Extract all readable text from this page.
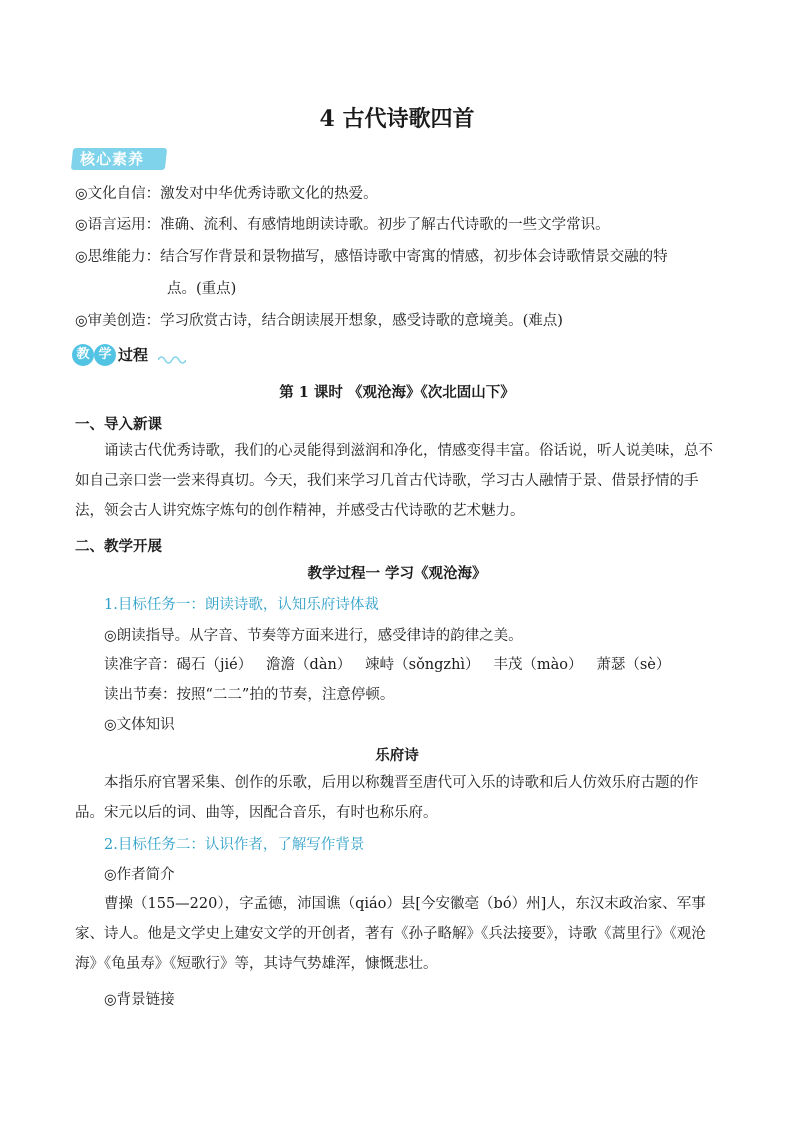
4 古代诗歌四首
核心素养
◎文化自信：激发对中华优秀诗歌文化的热爱。
◎语言运用：准确、流利、有感情地朗读诗歌。初步了解古代诗歌的一些文学常识。
◎思维能力：结合写作背景和景物描写，感悟诗歌中寄寓的情感，初步体会诗歌情景交融的特
点。(重点)
◎审美创造：学习欣赏古诗，结合朗读展开想象，感受诗歌的意境美。(难点)
教 学 过程
第 1 课时 《观沧海》《次北固山下》
一、导入新课

诵读古代优秀诗歌，我们的心灵能得到滋润和净化，情感变得丰富。俗话说，听人说美味，总不如自己亲口尝一尝来得真切。今天，我们来学习几首古代诗歌，学习古人融情于景、借景抒情的手法，领会古人讲究炼字炼句的创作精神，并感受古代诗歌的艺术魅力。

二、教学开展
教学过程一 学习《观沧海》
1.目标任务一：朗读诗歌，认知乐府诗体裁
◎朗读指导。从字音、节奏等方面来进行，感受律诗的韵律之美。
读准字音：碣石（jié）   澹澹（dàn）   竦峙（sǒngzhì）   丰茂（mào）   萧瑟（sè）
读出节奏：按照“二二”拍的节奏，注意停顿。
◎文体知识
乐府诗

本指乐府官署采集、创作的乐歌，后用以称魏晋至唐代可入乐的诗歌和后人仿效乐府古题的作品。宋元以后的词、曲等，因配合音乐，有时也称乐府。

2.目标任务二：认识作者，了解写作背景
◎作者简介

曹操（155—220），字孟德，沛国谯（qiáo）县[今安徽亳（bó）州]人，东汉末政治家、军事家、诗人。他是文学史上建安文学的开创者，著有《孙子略解》《兵法接要》，诗歌《蒿里行》《观沧海》《龟虽寿》《短歌行》等，其诗气势雄浑，慷慨悲壮。

◎背景链接
